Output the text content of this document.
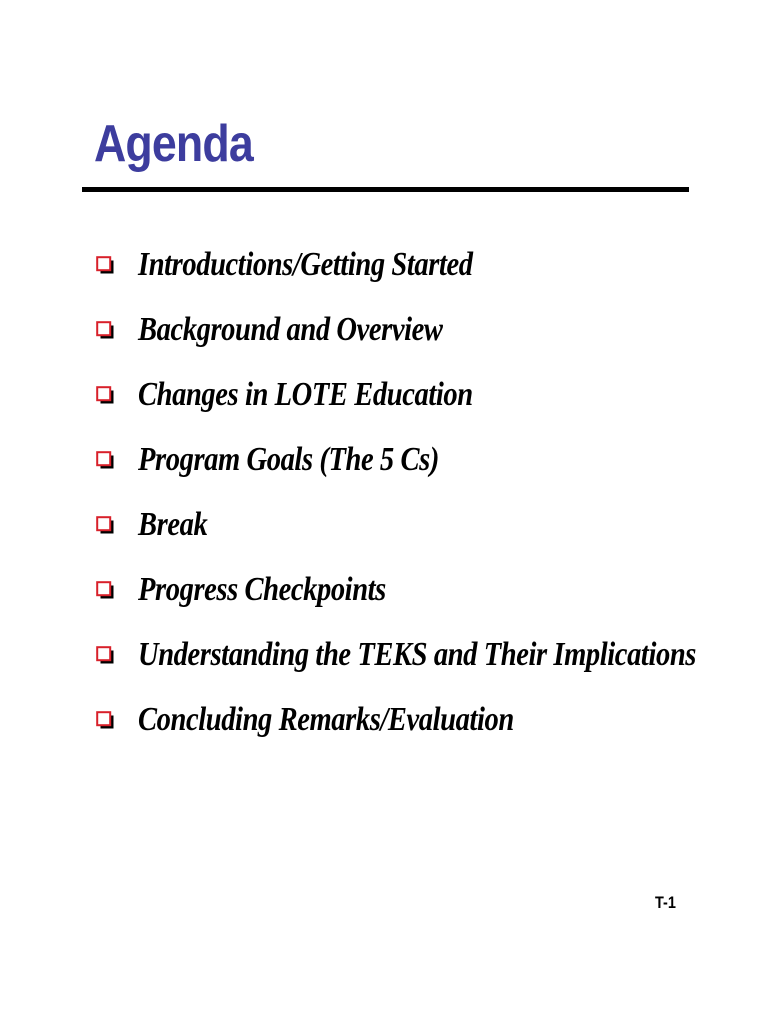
Agenda
Introductions/Getting Started
Background and Overview
Changes in LOTE Education
Program Goals (The 5 Cs)
Break
Progress Checkpoints
Understanding the TEKS and Their Implications
Concluding Remarks/Evaluation
T-1
